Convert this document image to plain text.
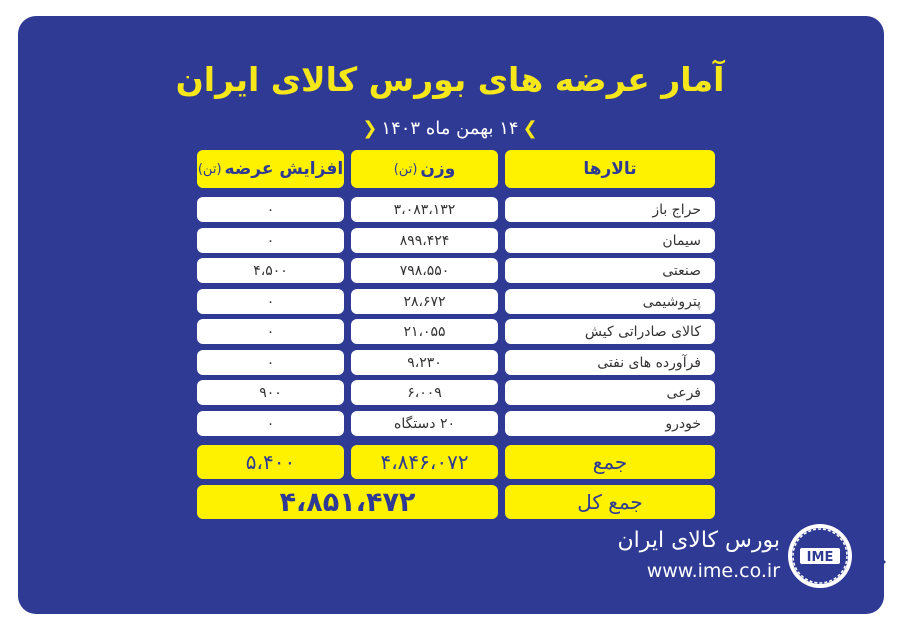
آمار عرضه های بورس کالای ایران
❯۱۴ بهمن ماه ۱۴۰۳❮
تالارها
وزن
(تن)
افزایش عرضه
(تن)
حراج باز
۳،۰۸۳،۱۳۲
۰
سیمان
۸۹۹،۴۲۴
۰
صنعتی
۷۹۸،۵۵۰
۴،۵۰۰
پتروشیمی
۲۸،۶۷۲
۰
کالای صادراتی کیش
۲۱،۰۵۵
۰
فرآورده های نفتی
۹،۲۳۰
۰
فرعی
۶،۰۰۹
۹۰۰
خودرو
۲۰ دستگاه
۰
جمع
۴،۸۴۶،۰۷۲
۵،۴۰۰
جمع کل
۴،۸۵۱،۴۷۲
بورس کالای ایران
www.ime.co.ir
IME
